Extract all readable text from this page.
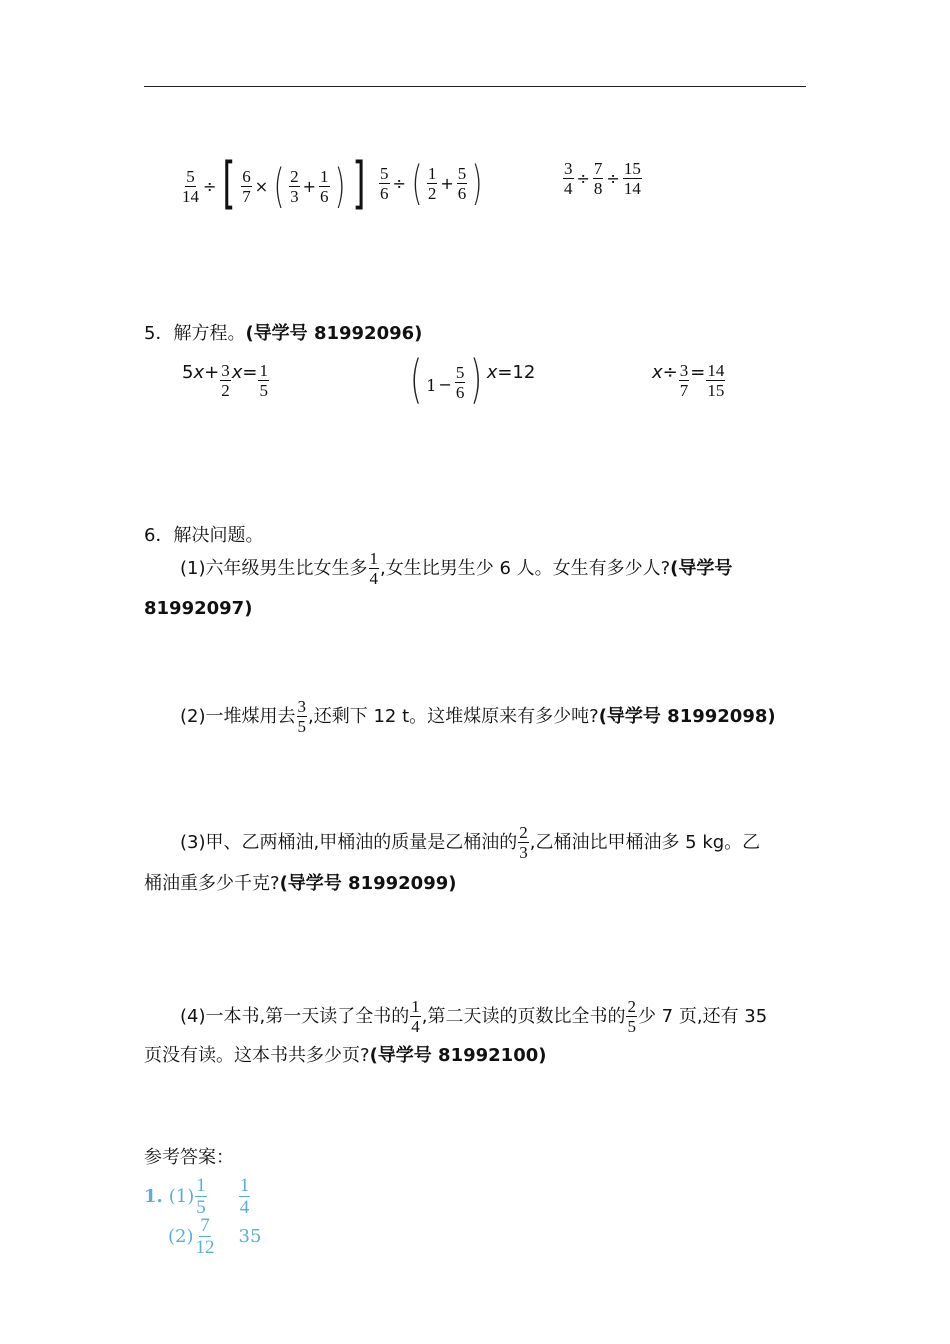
$\frac{5}{14}$ ÷ [ $\frac{6}{7}$ × ( $\frac{2}{3} + \frac{1}{6}$ ) ] $\frac{5}{6}$ ÷ ( $\frac{1}{2} + \frac{5}{6}$ )	$\frac{3}{4} \div \frac{7}{8} \div \frac{15}{14}$
5．解方程。(导学号 81992096)
5 $x + \frac{3}{2}$ $x = \frac{1}{5}$	( $1 - \frac{5}{6}$ ) x =12	$x \div \frac{3}{7} = \frac{14}{15}$
6．解决问题。
(1)六年级男生比女生多 $\frac{1}{4}$ ,女生比男生少 6 人。女生有多少人? (导学号
81992097)
(2)一堆煤用去 $\frac{3}{5}$ ,还剩下 12 t。这堆煤原来有多少吨? (导学号 81992098)
(3)甲、乙两桶油,甲桶油的质量是乙桶油的 $\frac{2}{3}$ ,乙桶油比甲桶油多 5 kg。乙
桶油重多少千克?(导学号 81992099)
(4)一本书,第一天读了全书的 $\frac{1}{4}$ ,第二天读的页数比全书的 $\frac{2}{5}$ 少 7 页,还有 35
页没有读。这本书共多少页?(导学号 81992100)
参考答案：
1. $(1) \frac{1}{5} \frac{1}{4}$
$(2) \frac{7}{12} 35$
